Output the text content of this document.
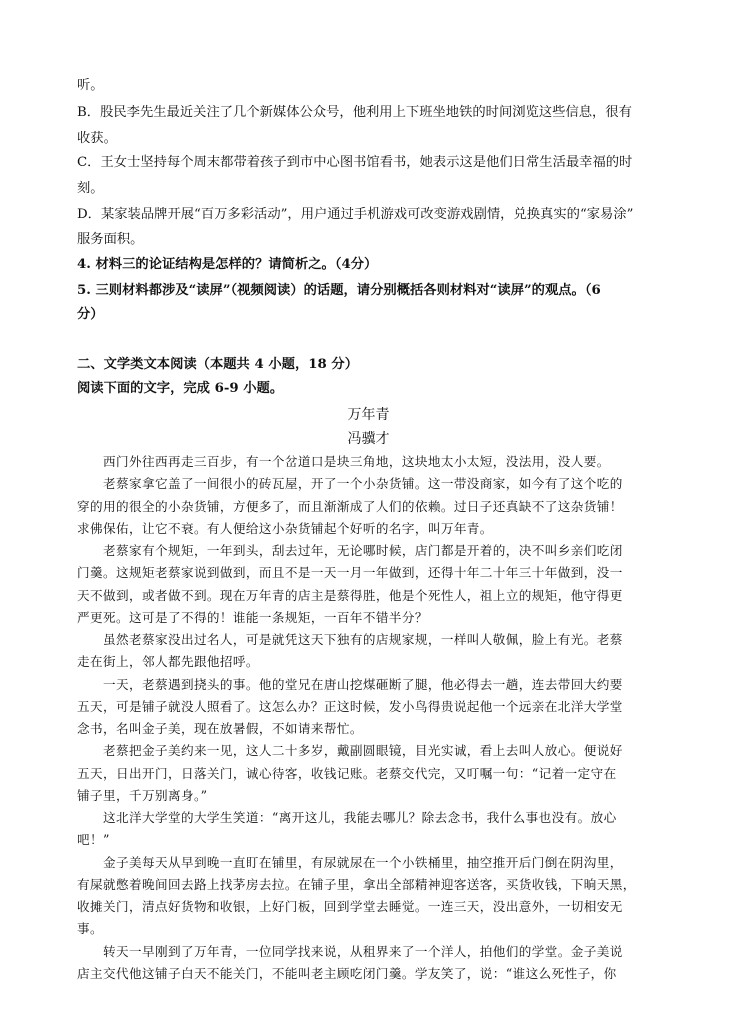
听。
B．股民李先生最近关注了几个新媒体公众号，他利用上下班坐地铁的时间浏览这些信息，很有
收获。
C．王女士坚持每个周末都带着孩子到市中心图书馆看书，她表示这是他们日常生活最幸福的时
刻。
D．某家装品牌开展“百万多彩活动”，用户通过手机游戏可改变游戏剧情，兑换真实的“家易涂”
服务面积。
4. 材料三的论证结构是怎样的？请简析之。（4分）
5. 三则材料都涉及“读屏”（视频阅读）的话题，请分别概括各则材料对“读屏”的观点。（6
分）
二、文学类文本阅读（本题共 4 小题，18 分）
阅读下面的文字，完成 6-9 小题。
万年青
冯骥才
　　西门外往西再走三百步，有一个岔道口是块三角地，这块地太小太短，没法用，没人要。
　　老蔡家拿它盖了一间很小的砖瓦屋，开了一个小杂货铺。这一带没商家，如今有了这个吃的
穿的用的很全的小杂货铺，方便多了，而且渐渐成了人们的依赖。过日子还真缺不了这杂货铺！
求佛保佑，让它不衰。有人便给这小杂货铺起个好听的名字，叫万年青。
　　老蔡家有个规矩，一年到头，刮去过年，无论哪时候，店门都是开着的，决不叫乡亲们吃闭
门羹。这规矩老蔡家说到做到，而且不是一天一月一年做到，还得十年二十年三十年做到，没一
天不做到，或者做不到。现在万年青的店主是蔡得胜，他是个死性人，祖上立的规矩，他守得更
严更死。这可是了不得的！谁能一条规矩，一百年不错半分？
　　虽然老蔡家没出过名人，可是就凭这天下独有的店规家规，一样叫人敬佩，脸上有光。老蔡
走在街上，邻人都先跟他招呼。
　　一天，老蔡遇到挠头的事。他的堂兄在唐山挖煤砸断了腿，他必得去一趟，连去带回大约要
五天，可是铺子就没人照看了。这怎么办？正这时候，发小鸟得贵说起他一个远亲在北洋大学堂
念书，名叫金子美，现在放暑假，不如请来帮忙。
　　老蔡把金子美约来一见，这人二十多岁，戴副圆眼镜，目光实诚，看上去叫人放心。便说好
五天，日出开门，日落关门，诚心待客，收钱记账。老蔡交代完，又叮嘱一句：“记着一定守在
铺子里，千万别离身。”
　　这北洋大学堂的大学生笑道：“离开这儿，我能去哪儿？除去念书，我什么事也没有。放心
吧！”
　　金子美每天从早到晚一直盯在铺里，有尿就尿在一个小铁桶里，抽空推开后门倒在阴沟里，
有屎就憋着晚间回去路上找茅房去拉。在铺子里，拿出全部精神迎客送客，买货收钱，下晌天黑，
收摊关门，清点好货物和收银，上好门板，回到学堂去睡觉。一连三天，没出意外，一切相安无
事。
　　转天一早刚到了万年青，一位同学找来说，从租界来了一个洋人，拍他们的学堂。金子美说
店主交代他这铺子白天不能关门，不能叫老主顾吃闭门羹。学友笑了，说：“谁这么死性子，你
